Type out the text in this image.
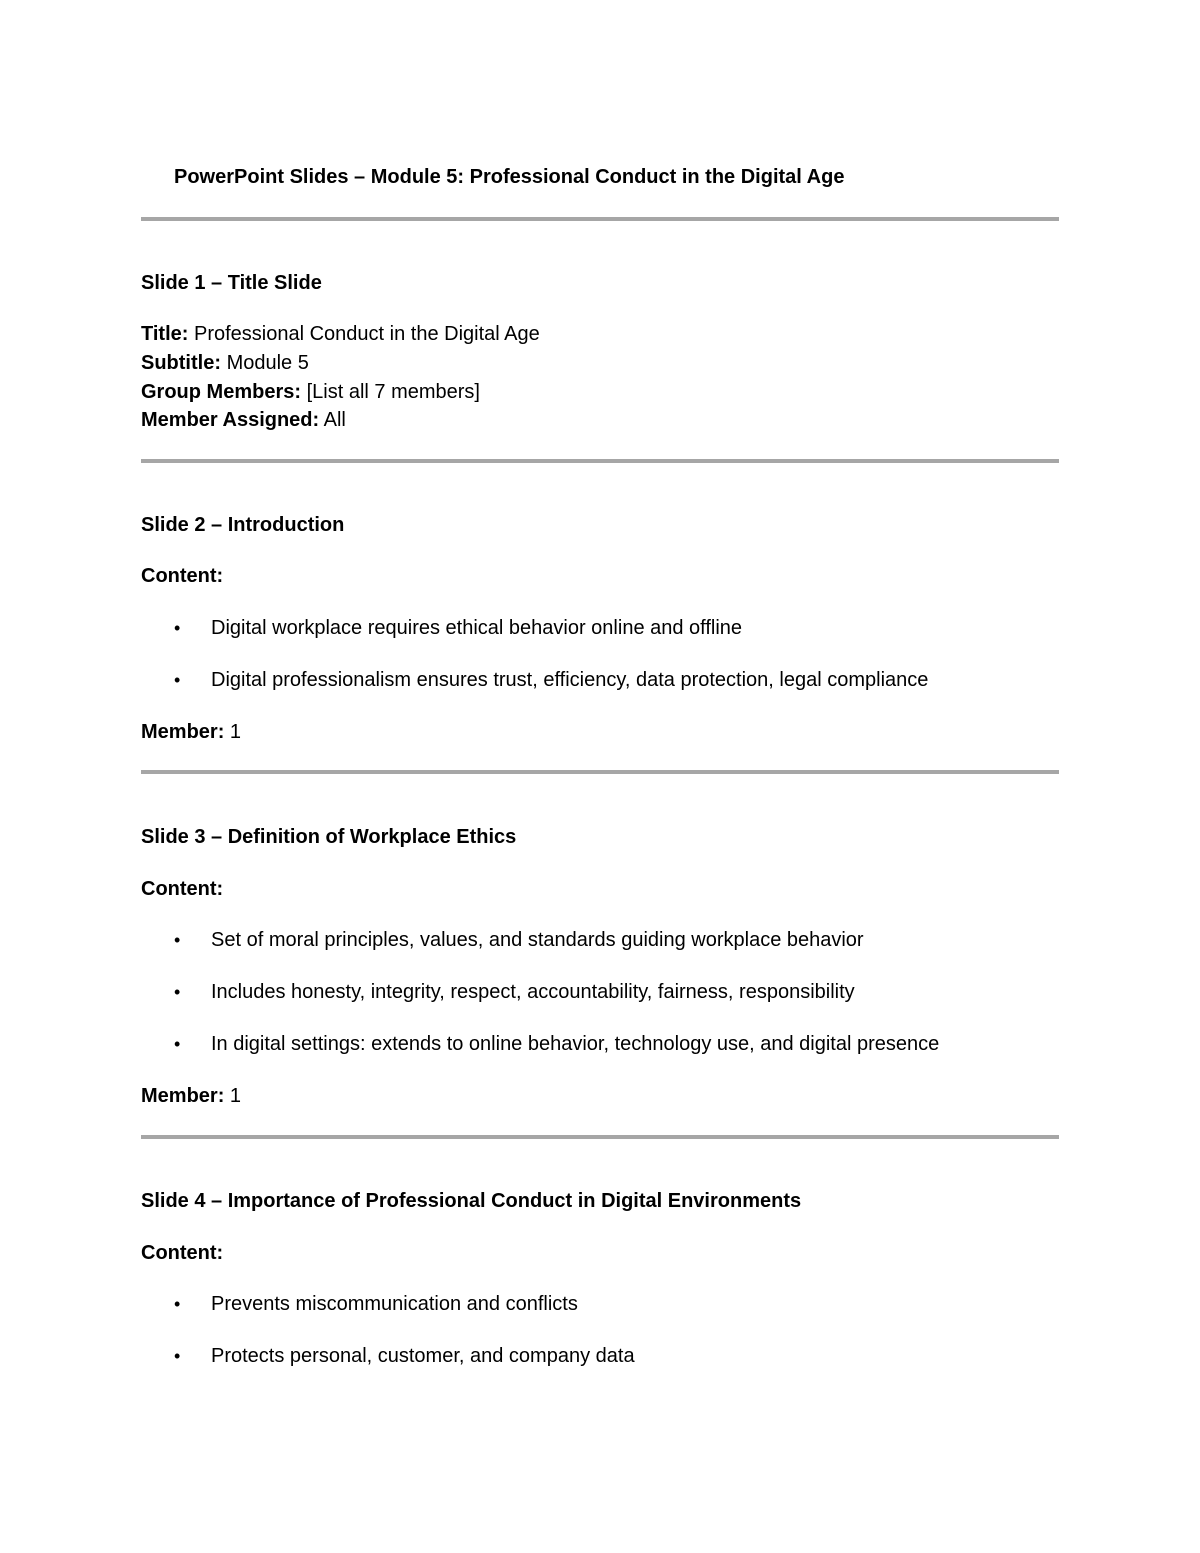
PowerPoint Slides – Module 5: Professional Conduct in the Digital Age
Slide 1 – Title Slide
Title: Professional Conduct in the Digital Age
Subtitle: Module 5
Group Members: [List all 7 members]
Member Assigned: All
Slide 2 – Introduction
Content:
• Digital workplace requires ethical behavior online and offline
• Digital professionalism ensures trust, efficiency, data protection, legal compliance
Member: 1
Slide 3 – Definition of Workplace Ethics
Content:
• Set of moral principles, values, and standards guiding workplace behavior
• Includes honesty, integrity, respect, accountability, fairness, responsibility
• In digital settings: extends to online behavior, technology use, and digital presence
Member: 1
Slide 4 – Importance of Professional Conduct in Digital Environments
Content:
• Prevents miscommunication and conflicts
• Protects personal, customer, and company data
